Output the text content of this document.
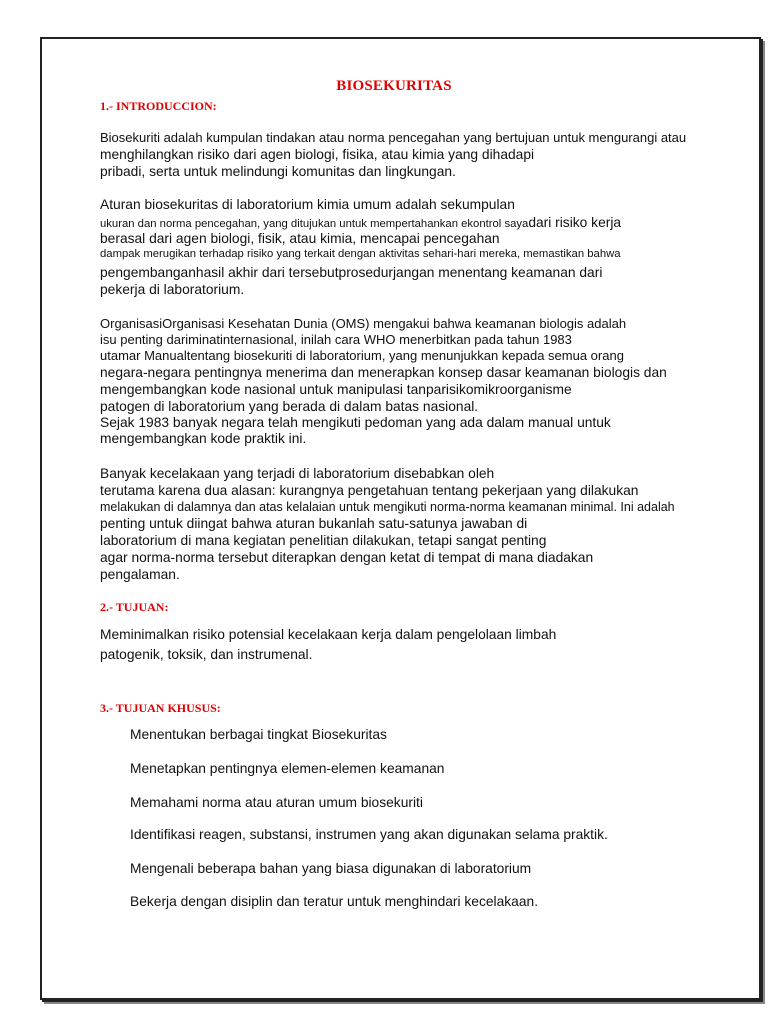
BIOSEKURITAS
1.- INTRODUCCION:
Biosekuriti adalah kumpulan tindakan atau norma pencegahan yang bertujuan untuk mengurangi atau
menghilangkan risiko dari agen biologi, fisika, atau kimia yang dihadapi
pribadi, serta untuk melindungi komunitas dan lingkungan.
Aturan biosekuritas di laboratorium kimia umum adalah sekumpulan
ukuran dan norma pencegahan, yang ditujukan untuk mempertahankan ekontrol sayadari risiko kerja
berasal dari agen biologi, fisik, atau kimia, mencapai pencegahan
dampak merugikan terhadap risiko yang terkait dengan aktivitas sehari-hari mereka, memastikan bahwa
pengembanganhasil akhir dari tersebutprosedurjangan menentang keamanan dari
pekerja di laboratorium.
OrganisasiOrganisasi Kesehatan Dunia (OMS) mengakui bahwa keamanan biologis adalah
isu penting dariminatinternasional, inilah cara WHO menerbitkan pada tahun 1983
utamar Manualtentang biosekuriti di laboratorium, yang menunjukkan kepada semua orang
negara-negara pentingnya menerima dan menerapkan konsep dasar keamanan biologis dan
mengembangkan kode nasional untuk manipulasi tanparisikomikroorganisme
patogen di laboratorium yang berada di dalam batas nasional.
Sejak 1983 banyak negara telah mengikuti pedoman yang ada dalam manual untuk
mengembangkan kode praktik ini.
Banyak kecelakaan yang terjadi di laboratorium disebabkan oleh
terutama karena dua alasan: kurangnya pengetahuan tentang pekerjaan yang dilakukan
melakukan di dalamnya dan atas kelalaian untuk mengikuti norma-norma keamanan minimal. Ini adalah
penting untuk diingat bahwa aturan bukanlah satu-satunya jawaban di
laboratorium di mana kegiatan penelitian dilakukan, tetapi sangat penting
agar norma-norma tersebut diterapkan dengan ketat di tempat di mana diadakan
pengalaman.
2.- TUJUAN:
Meminimalkan risiko potensial kecelakaan kerja dalam pengelolaan limbah
patogenik, toksik, dan instrumenal.
3.- TUJUAN KHUSUS:
Menentukan berbagai tingkat Biosekuritas
Menetapkan pentingnya elemen-elemen keamanan
Memahami norma atau aturan umum biosekuriti
Identifikasi reagen, substansi, instrumen yang akan digunakan selama praktik.
Mengenali beberapa bahan yang biasa digunakan di laboratorium
Bekerja dengan disiplin dan teratur untuk menghindari kecelakaan.
